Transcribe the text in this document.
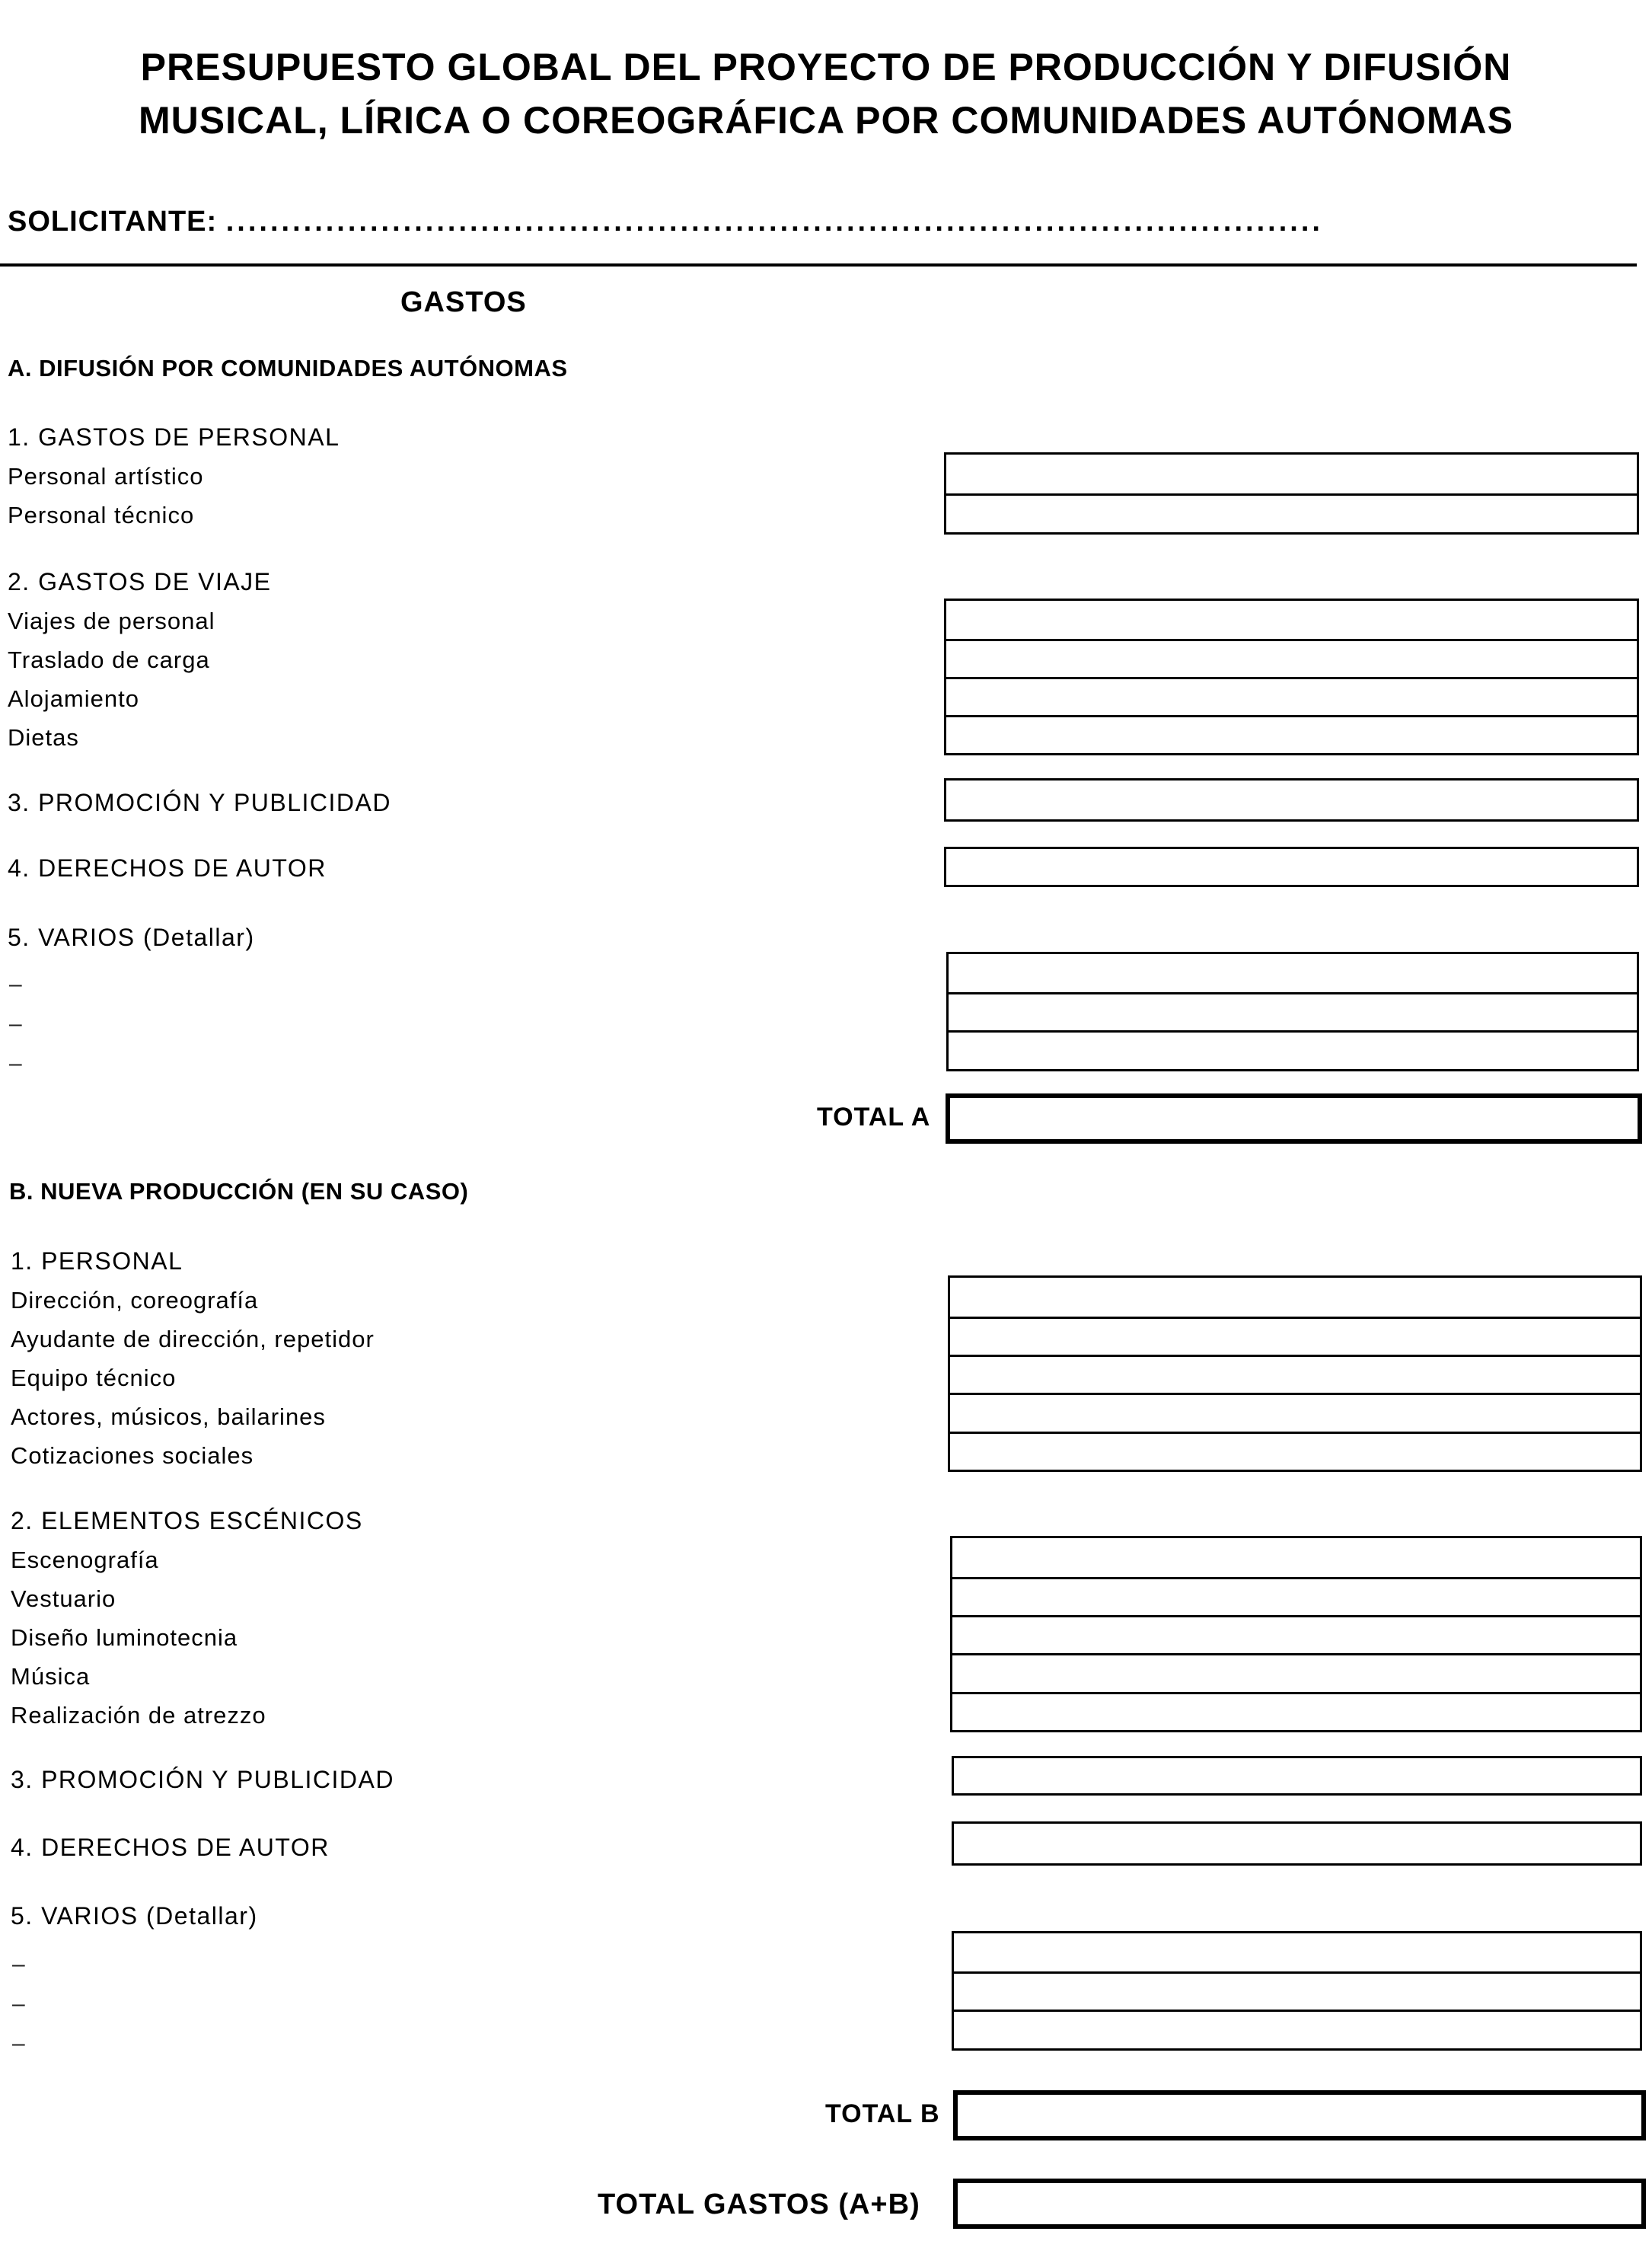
PRESUPUESTO GLOBAL DEL PROYECTO DE PRODUCCIÓN Y DIFUSIÓN
MUSICAL, LÍRICA O COREOGRÁFICA POR COMUNIDADES AUTÓNOMAS
SOLICITANTE: ...................................................................................................
GASTOS
A. DIFUSIÓN POR COMUNIDADES AUTÓNOMAS
1. GASTOS DE PERSONAL
Personal artístico
Personal técnico
2. GASTOS DE VIAJE
Viajes de personal
Traslado de carga
Alojamiento
Dietas
3. PROMOCIÓN Y PUBLICIDAD
4. DERECHOS DE AUTOR
5. VARIOS (Detallar)
–
–
–
TOTAL A
B. NUEVA PRODUCCIÓN (EN SU CASO)
1. PERSONAL
Dirección, coreografía
Ayudante de dirección, repetidor
Equipo técnico
Actores, músicos, bailarines
Cotizaciones sociales
2. ELEMENTOS ESCÉNICOS
Escenografía
Vestuario
Diseño luminotecnia
Música
Realización de atrezzo
3. PROMOCIÓN Y PUBLICIDAD
4. DERECHOS DE AUTOR
5. VARIOS (Detallar)
–
–
–
TOTAL B
TOTAL GASTOS (A+B)
